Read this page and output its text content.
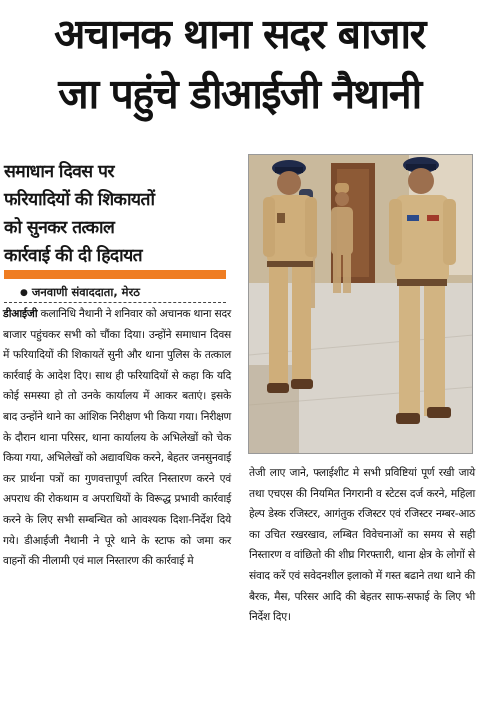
अचानक थाना सदर बाजार
जा पहुंचे डीआईजी नैथानी
समाधान दिवस पर
फरियादियों की शिकायतों
को सुनकर तत्काल
कार्रवाई की दी हिदायत
● जनवाणी संवाददाता, मेरठ

डीआईजी कलानिधि नैथानी ने शनिवार को अचानक थाना सदर बाजार पहुंचकर सभी को चौंका दिया। उन्होंने समाधान दिवस में फरियादियों की शिकायतें सुनी और थाना पुलिस के तत्काल कार्रवाई के आदेश दिए। साथ ही फरियादियों से कहा कि यदि कोई समस्या हो तो उनके कार्यालय में आकर बताएं। इसके बाद उन्होंने थाने का आंशिक निरीक्षण भी किया गया। निरीक्षण के दौरान थाना परिसर, थाना कार्यालय के अभिलेखों को चेक किया गया, अभिलेखों को अद्यावधिक करने, बेहतर जनसुनवाई कर प्रार्थना पत्रों का गुणवत्तापूर्ण त्वरित निस्तारण करने एवं अपराध की रोकथाम व अपराधियों के विरूद्ध प्रभावी कार्रवाई करने के लिए सभी सम्बन्धित को आवश्यक दिशा-निर्देश दिये गये। डीआईजी नैथानी ने पूरे थाने के स्टाफ को जमा कर वाहनों की नीलामी एवं माल निस्तारण की कार्रवाई मे

तेजी लाए जाने, फ्लाईशीट मे सभी प्रविष्टियां पूर्ण रखी जाये तथा एचएस की नियमित निगरानी व स्टेटस दर्ज करने, महिला हेल्प डेस्क रजिस्टर, आगंतुक रजिस्टर एवं रजिस्टर नम्बर-आठ का उचित रखरखाव, लम्बित विवेचनाओं का समय से सही निस्तारण व वांछितो की शीघ्र गिरफ्तारी, थाना क्षेत्र के लोगों से संवाद करें एवं सवेदनशील इलाको में गस्त बढाने तथा थाने की बैरक, मैस, परिसर आदि की बेहतर साफ-सफाई के लिए भी निर्देश दिए।
